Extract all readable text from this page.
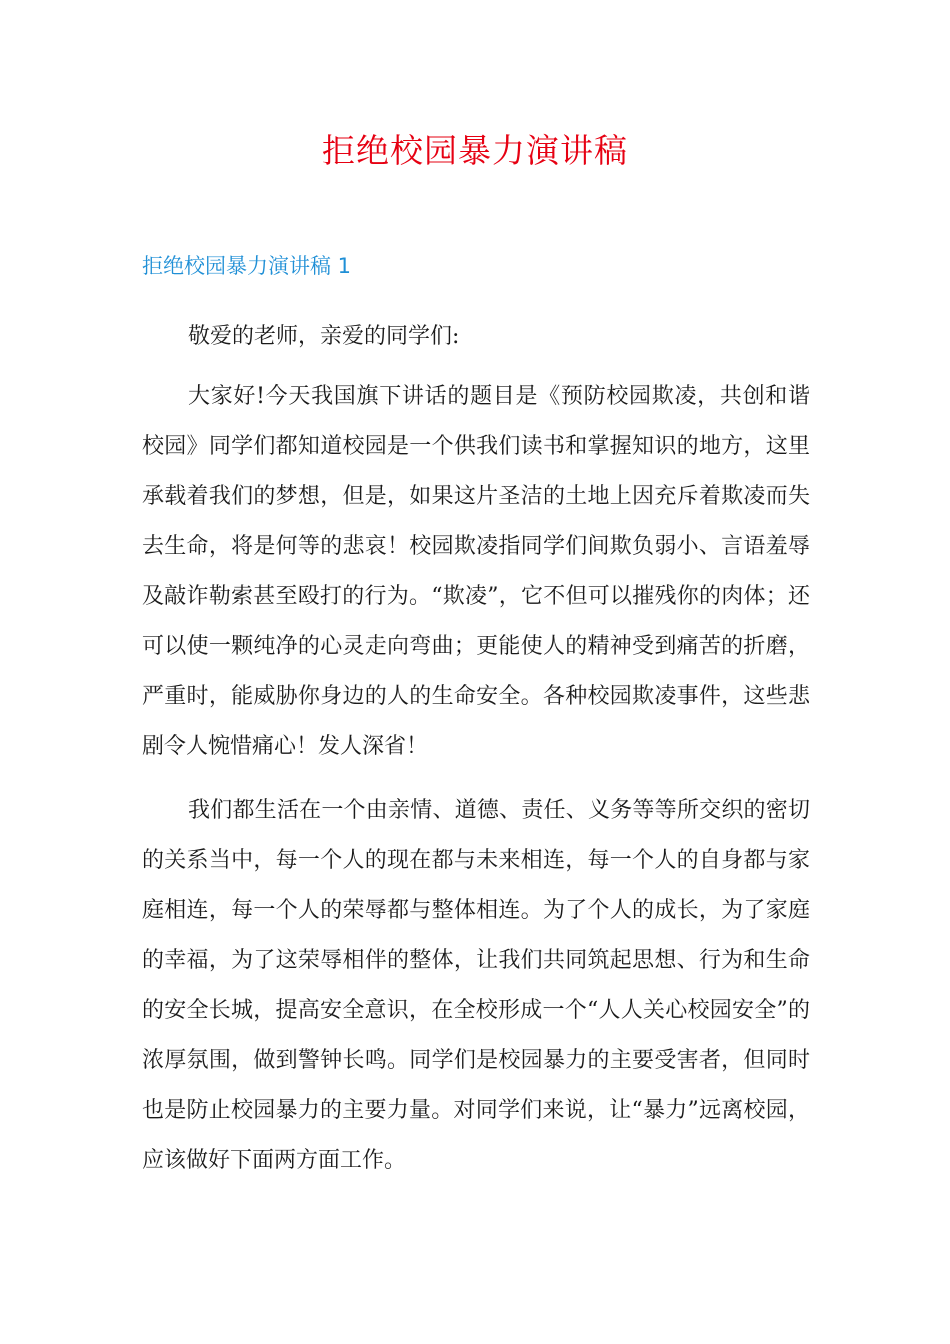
拒绝校园暴力演讲稿
拒绝校园暴力演讲稿 1

敬爱的老师，亲爱的同学们:

大家好!今天我国旗下讲话的题目是《预防校园欺凌，共创和谐校园》同学们都知道校园是一个供我们读书和掌握知识的地方，这里承载着我们的梦想，但是，如果这片圣洁的土地上因充斥着欺凌而失去生命，将是何等的悲哀！校园欺凌指同学们间欺负弱小、言语羞辱及敲诈勒索甚至殴打的行为。“欺凌”，它不但可以摧残你的肉体；还可以使一颗纯净的心灵走向弯曲；更能使人的精神受到痛苦的折磨，严重时，能威胁你身边的人的生命安全。各种校园欺凌事件，这些悲剧令人惋惜痛心！发人深省！

我们都生活在一个由亲情、道德、责任、义务等等所交织的密切的关系当中，每一个人的现在都与未来相连，每一个人的自身都与家庭相连，每一个人的荣辱都与整体相连。为了个人的成长，为了家庭的幸福，为了这荣辱相伴的整体，让我们共同筑起思想、行为和生命的安全长城，提高安全意识，在全校形成一个“人人关心校园安全”的浓厚氛围，做到警钟长鸣。同学们是校园暴力的主要受害者，但同时也是防止校园暴力的主要力量。对同学们来说，让“暴力”远离校园，应该做好下面两方面工作。
